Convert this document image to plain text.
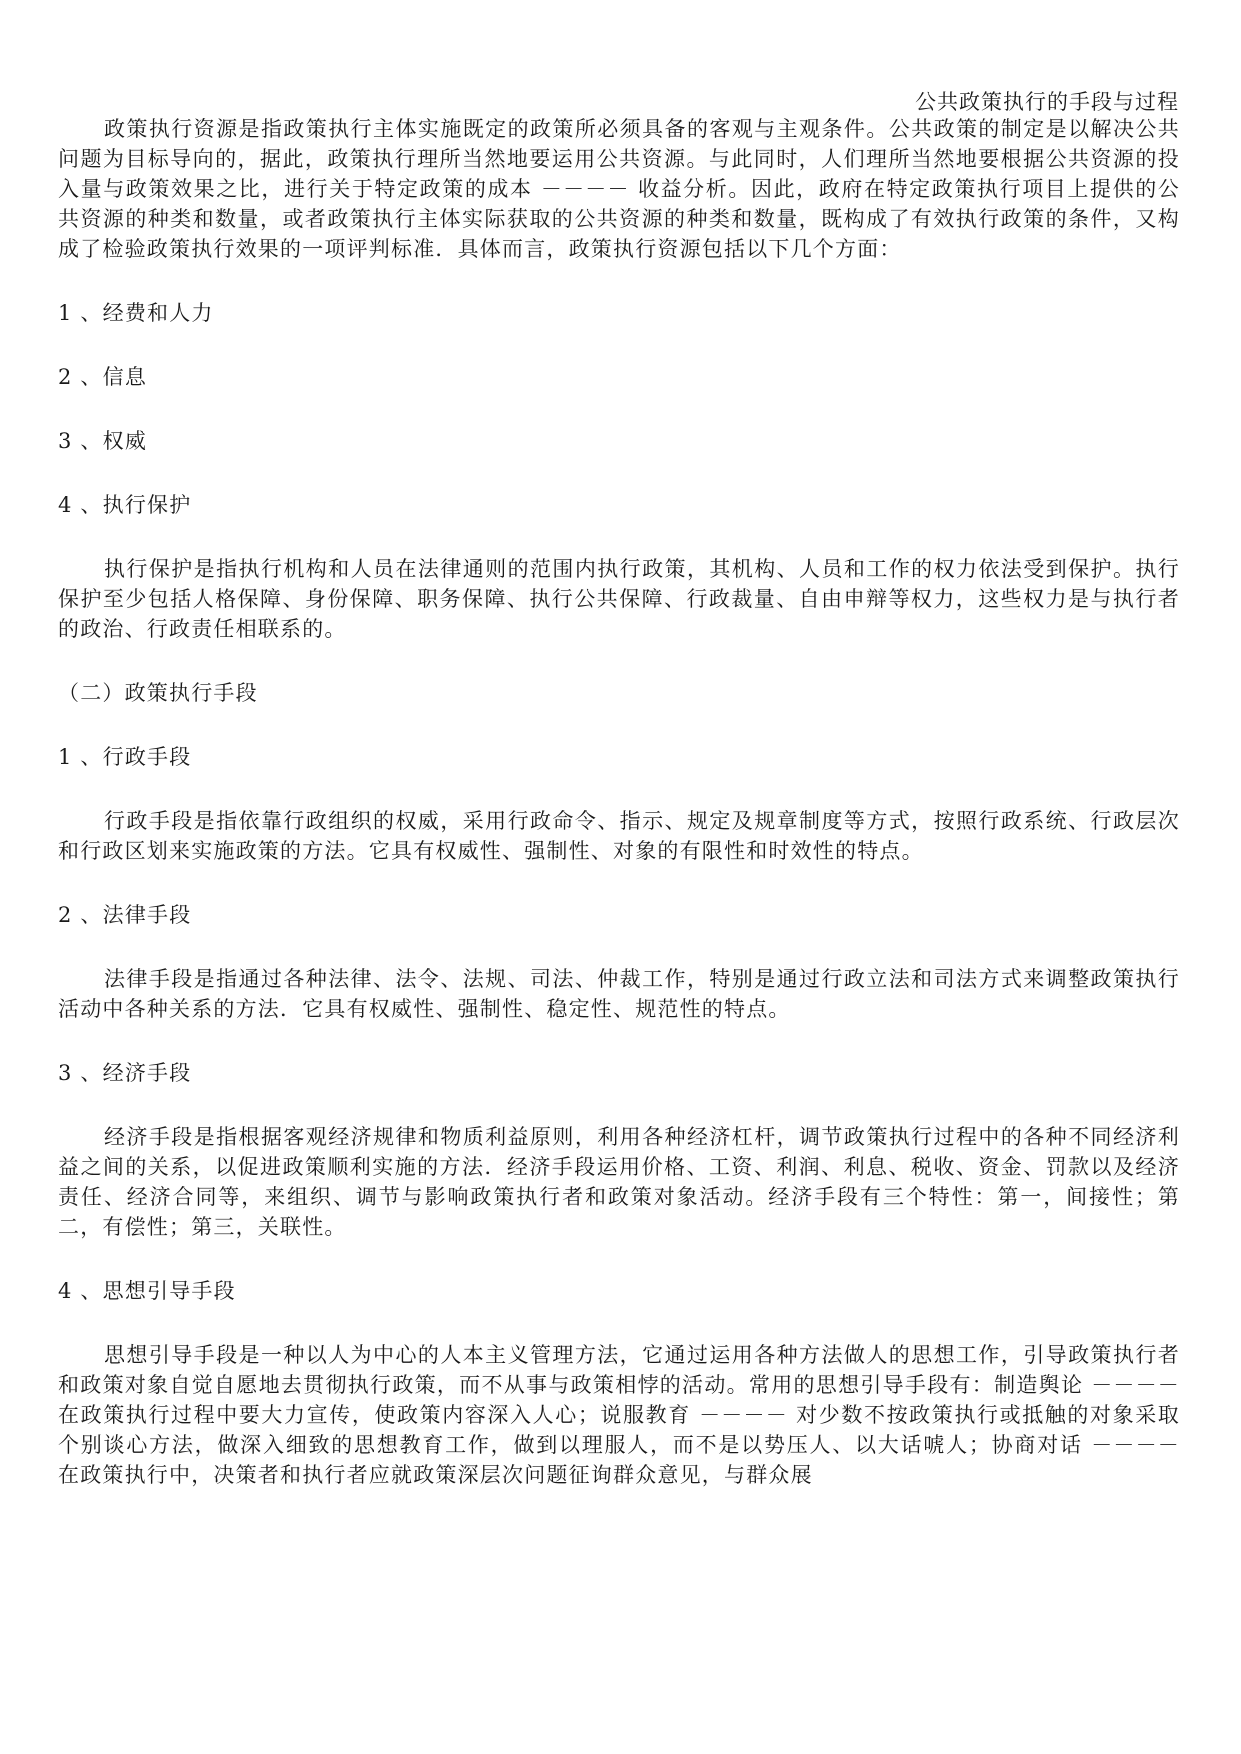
公共政策执行的手段与过程

政策执行资源是指政策执行主体实施既定的政策所必须具备的客观与主观条件。公共政策的制定是以解决公共问题为目标导向的，据此，政策执行理所当然地要运用公共资源。与此同时，人们理所当然地要根据公共资源的投入量与政策效果之比，进行关于特定政策的成本 －－－－ 收益分析。因此，政府在特定政策执行项目上提供的公共资源的种类和数量，或者政策执行主体实际获取的公共资源的种类和数量，既构成了有效执行政策的条件，又构成了检验政策执行效果的一项评判标准．具体而言，政策执行资源包括以下几个方面：

1 、经费和人力

2 、信息

3 、权威

4 、执行保护

执行保护是指执行机构和人员在法律通则的范围内执行政策，其机构、人员和工作的权力依法受到保护。执行保护至少包括人格保障、身份保障、职务保障、执行公共保障、行政裁量、自由申辩等权力，这些权力是与执行者的政治、行政责任相联系的。

（二）政策执行手段

1 、行政手段

行政手段是指依靠行政组织的权威，采用行政命令、指示、规定及规章制度等方式，按照行政系统、行政层次和行政区划来实施政策的方法。它具有权威性、强制性、对象的有限性和时效性的特点。

2 、法律手段

法律手段是指通过各种法律、法令、法规、司法、仲裁工作，特别是通过行政立法和司法方式来调整政策执行活动中各种关系的方法．它具有权威性、强制性、稳定性、规范性的特点。

3 、经济手段

经济手段是指根据客观经济规律和物质利益原则，利用各种经济杠杆，调节政策执行过程中的各种不同经济利益之间的关系，以促进政策顺利实施的方法．经济手段运用价格、工资、利润、利息、税收、资金、罚款以及经济责任、经济合同等，来组织、调节与影响政策执行者和政策对象活动。经济手段有三个特性：第一，间接性；第二，有偿性；第三，关联性。

4 、思想引导手段

思想引导手段是一种以人为中心的人本主义管理方法，它通过运用各种方法做人的思想工作，引导政策执行者和政策对象自觉自愿地去贯彻执行政策，而不从事与政策相悖的活动。常用的思想引导手段有：制造舆论 －－－－ 在政策执行过程中要大力宣传，使政策内容深入人心；说服教育 －－－－ 对少数不按政策执行或抵触的对象采取个别谈心方法，做深入细致的思想教育工作，做到以理服人，而不是以势压人、以大话唬人；协商对话 －－－－ 在政策执行中，决策者和执行者应就政策深层次问题征询群众意见，与群众展
